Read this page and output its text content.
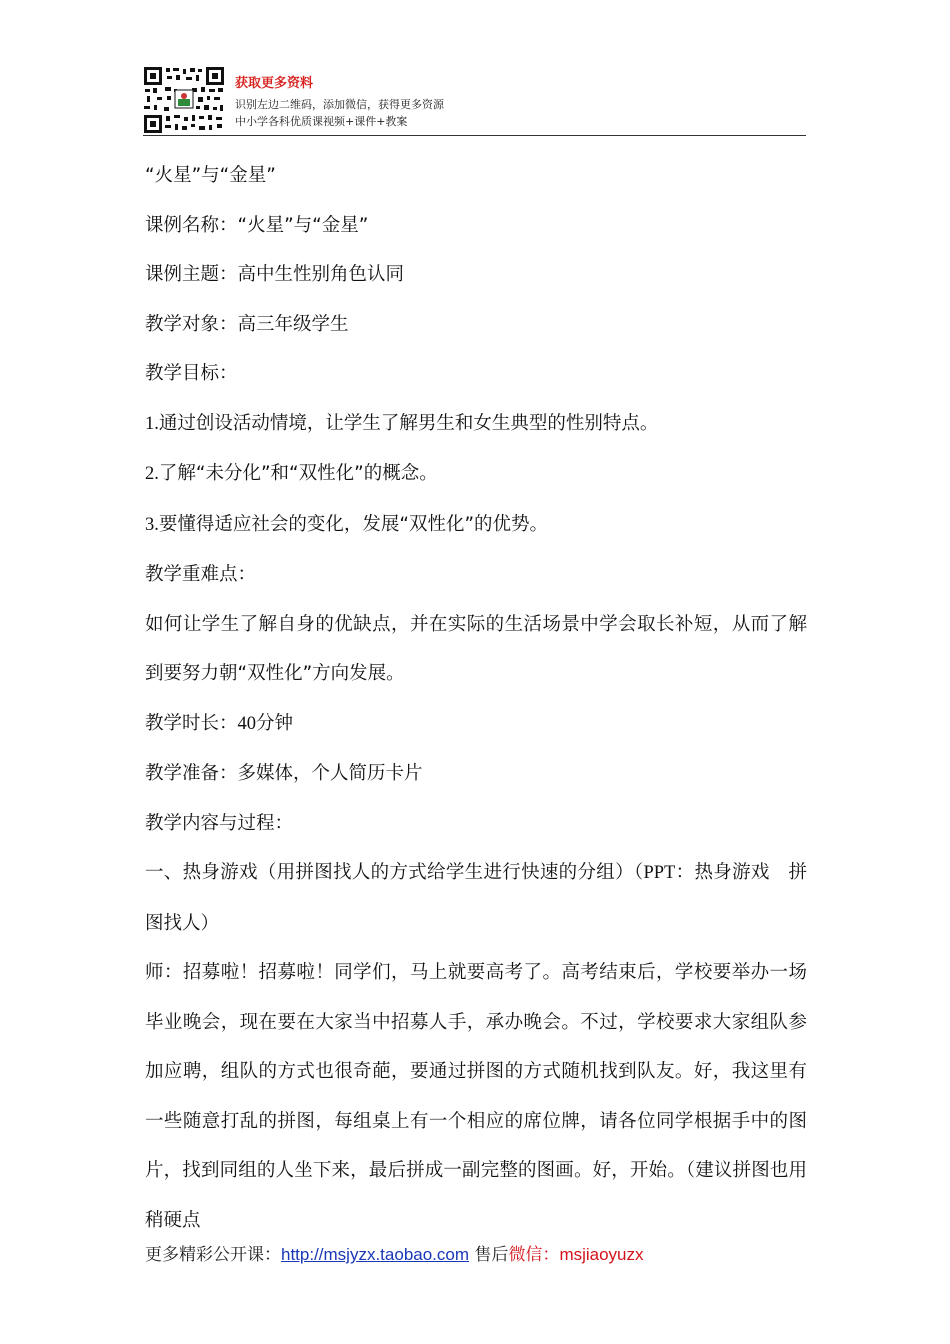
获取更多资料
识别左边二维码，添加微信，获得更多资源
中小学各科优质课视频+课件+教案

“火星”与“金星”

课例名称：“火星”与“金星”

课例主题：高中生性别角色认同

教学对象：高三年级学生

教学目标：

1.通过创设活动情境，让学生了解男生和女生典型的性别特点。

2.了解“未分化”和“双性化”的概念。

3.要懂得适应社会的变化，发展“双性化”的优势。

教学重难点：

如何让学生了解自身的优缺点，并在实际的生活场景中学会取长补短，从而了解到要努力朝“双性化”方向发展。

教学时长：40分钟

教学准备：多媒体，个人简历卡片

教学内容与过程：

一、热身游戏（用拼图找人的方式给学生进行快速的分组）（PPT：热身游戏　拼图找人）

师：招募啦！招募啦！同学们，马上就要高考了。高考结束后，学校要举办一场毕业晚会，现在要在大家当中招募人手，承办晚会。不过，学校要求大家组队参加应聘，组队的方式也很奇葩，要通过拼图的方式随机找到队友。好，我这里有一些随意打乱的拼图，每组桌上有一个相应的席位牌，请各位同学根据手中的图片，找到同组的人坐下来，最后拼成一副完整的图画。好，开始。（建议拼图也用稍硬点

更多精彩公开课：http://msjyzx.taobao.com 售后微信：msjiaoyuzx
